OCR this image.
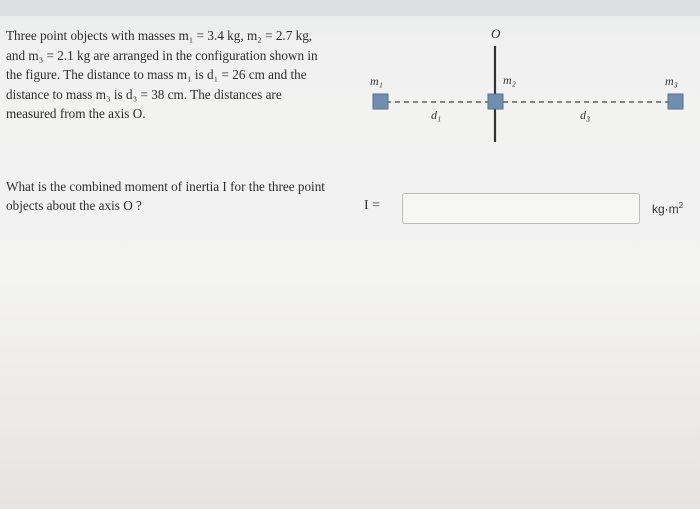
Three point objects with masses m₁ = 3.4 kg, m₂ = 2.7 kg,

and m₃ = 2.1 kg are arranged in the configuration shown in

the figure. The distance to mass m₁ is d₁ = 26 cm and the

distance to mass m₃ is d₃ = 38 cm. The distances are

measured from the axis O.

O
m₁	m₂	m₃
d₁	d₃

What is the combined moment of inertia I for the three point

objects about the axis O ?	I =	$kg\cdot m^2$
